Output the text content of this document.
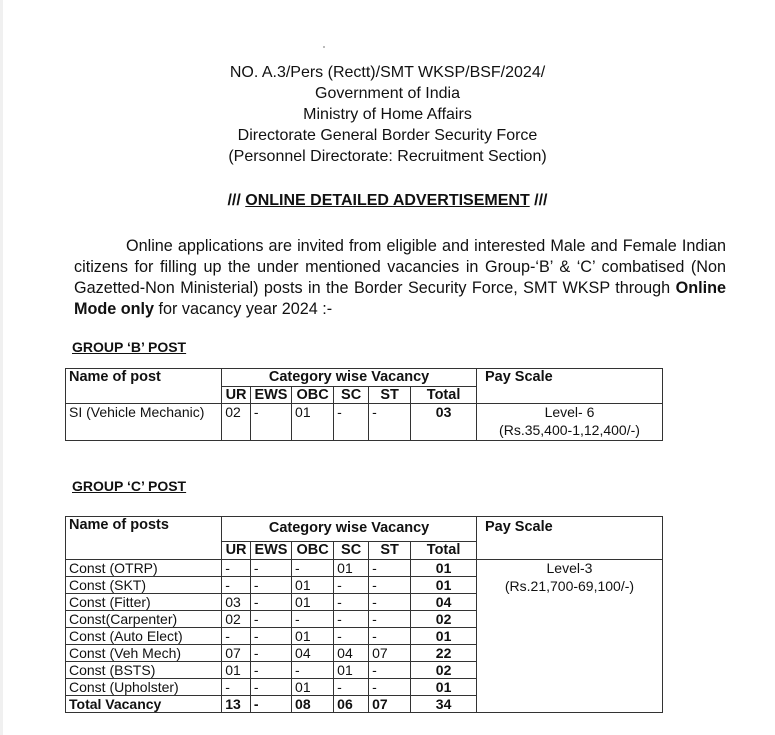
NO. A.3/Pers (Rectt)/SMT WKSP/BSF/2024/
Government of India
Ministry of Home Affairs
Directorate General Border Security Force
(Personnel Directorate: Recruitment Section)
/// ONLINE DETAILED ADVERTISEMENT ///
Online applications are invited from eligible and interested Male and Female Indian citizens for filling up the under mentioned vacancies in Group-‘B’ & ‘C’ combatised (Non Gazetted-Non Ministerial) posts in the Border Security Force, SMT WKSP through Online Mode only for vacancy year 2024 :-
GROUP ‘B’ POST
Name of post	Category wise Vacancy						Pay Scale
	UR	EWS	OBC	SC	ST	Total	
SI (Vehicle Mechanic)	02	-	01	-	-	03	Level- 6
(Rs.35,400-1,12,400/-)
GROUP ‘C’ POST
Name of posts	Category wise Vacancy						Pay Scale
	UR	EWS	OBC	SC	ST	Total	
Const (OTRP)	-	-	-	01	-	01	Level-3
(Rs.21,700-69,100/-)

Const (SKT)	-	-	01	-	-	01	
Const (Fitter)	03	-	01	-	-	04	
Const(Carpenter)	02	-	-	-	-	02	
Const (Auto Elect)	-	-	01	-	-	01	
Const (Veh Mech)	07	-	04	04	07	22	
Const (BSTS)	01	-	-	01	-	02	
Const (Upholster)	-	-	01	-	-	01	
Total Vacancy	13	-	08	06	07	34	
